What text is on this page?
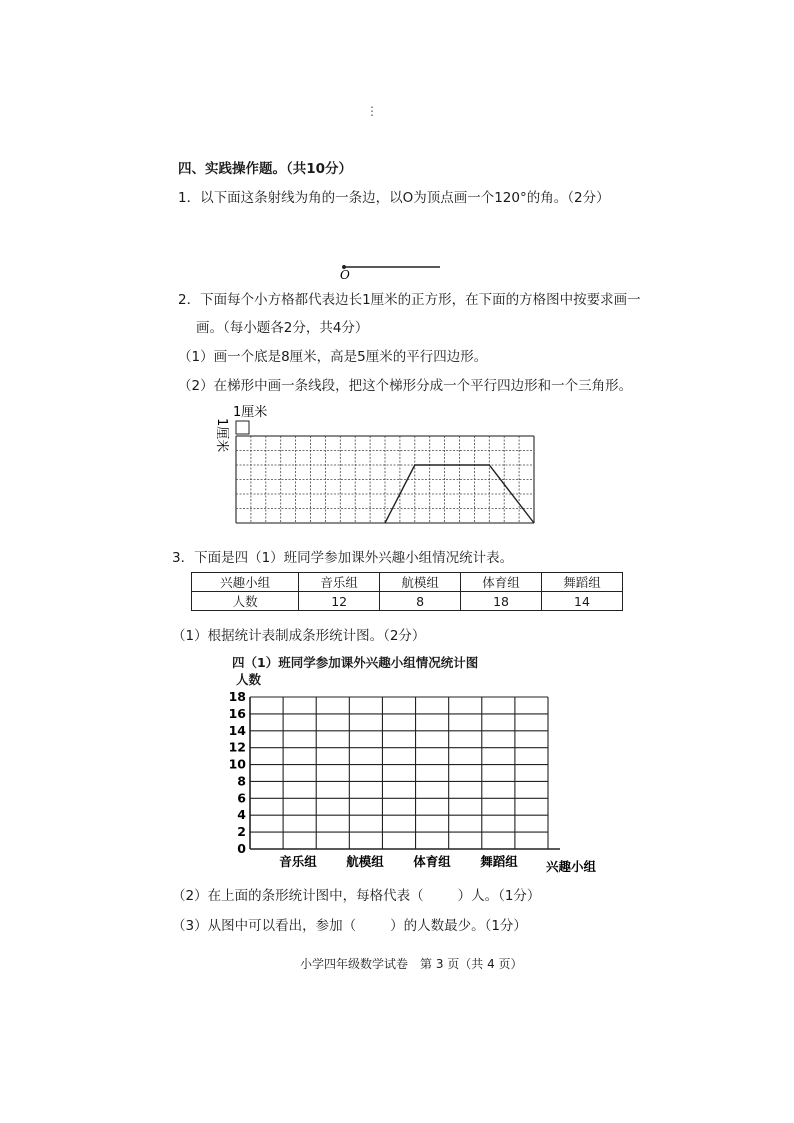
⋮
四、实践操作题。（共10分）
1．以下面这条射线为角的一条边，以O为顶点画一个120°的角。（2分）
2．下面每个小方格都代表边长1厘米的正方形，在下面的方格图中按要求画一
画。（每小题各2分，共4分）
（1）画一个底是8厘米，高是5厘米的平行四边形。
（2）在梯形中画一条线段，把这个梯形分成一个平行四边形和一个三角形。
3．下面是四（1）班同学参加课外兴趣小组情况统计表。
兴趣小组	音乐组	航模组	体育组	舞蹈组
人数	12	8	18	14
（1）根据统计表制成条形统计图。（2分）
四（1）班同学参加课外兴趣小组情况统计图
人数
（2）在上面的条形统计图中，每格代表（	）人。（1分）
（3）从图中可以看出，参加（	）的人数最少。（1分）
小学四年级数学试卷　第 3 页（共 4 页）
O
1厘米
1厘米
18
16
14
12
10
8
6
4
2
0
音乐组 航模组 体育组 舞蹈组 兴趣小组
